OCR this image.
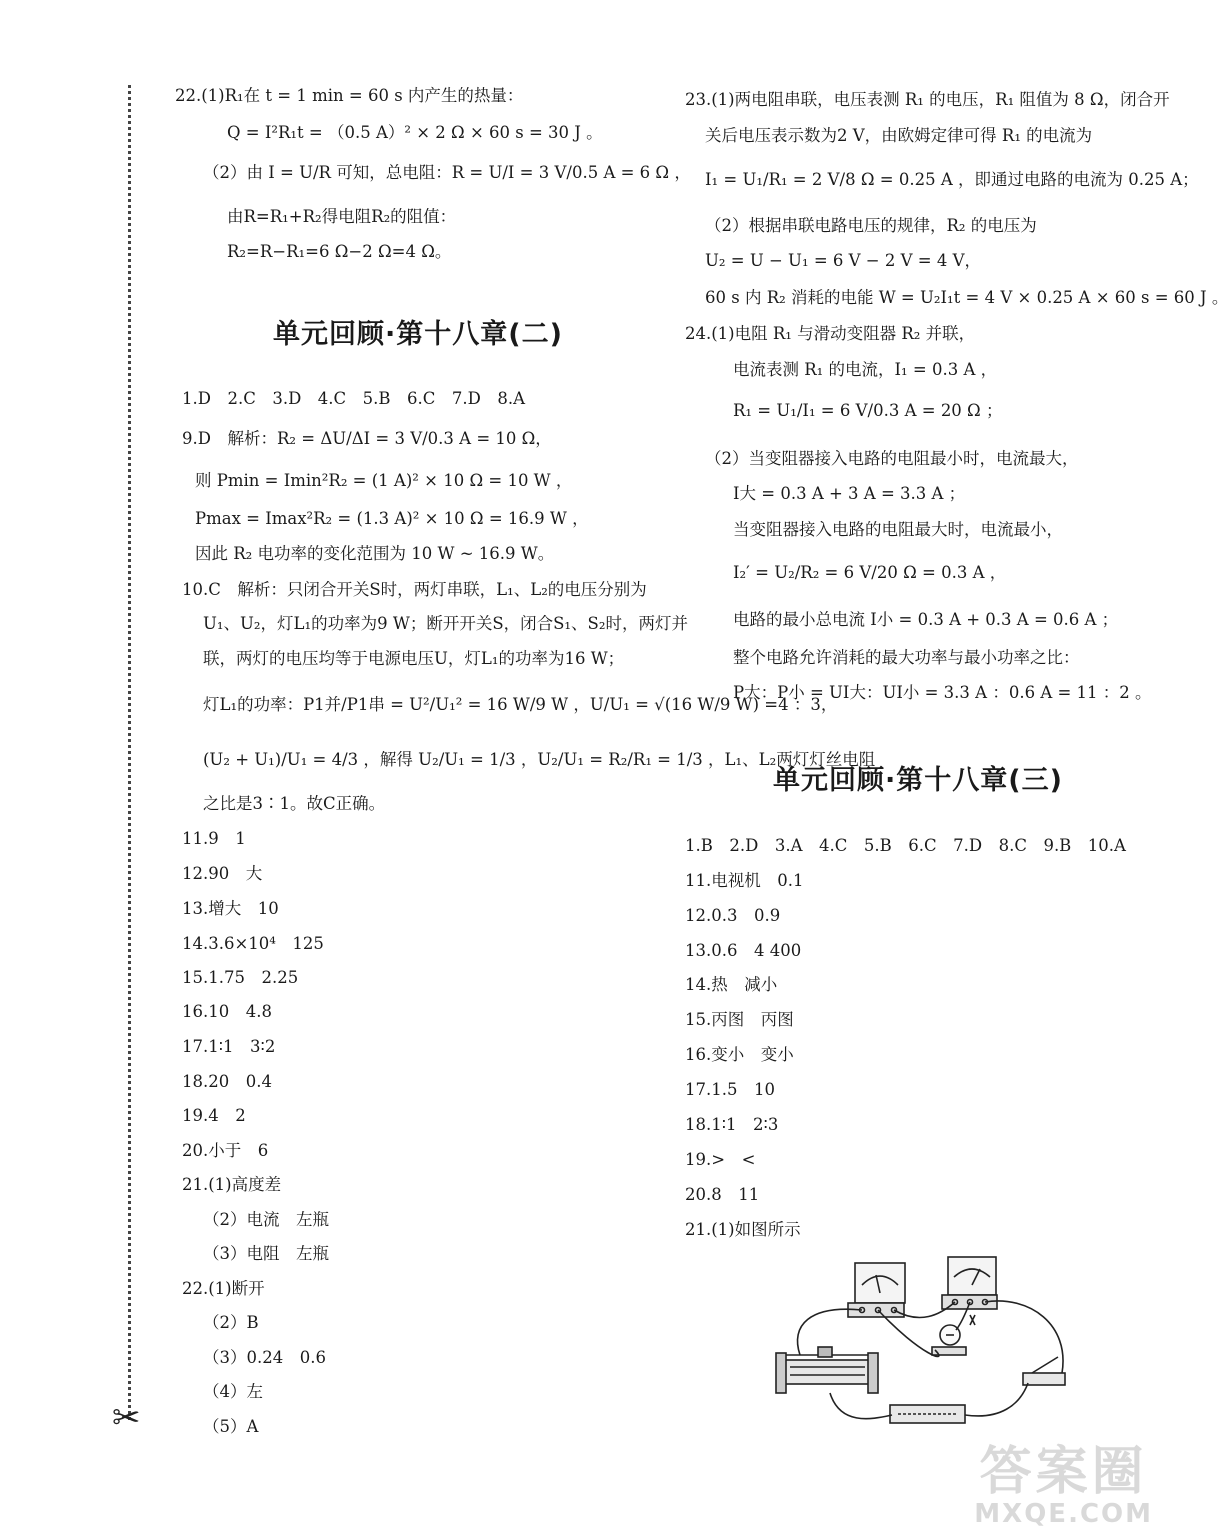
✂
22.(1)R₁在 t = 1 min = 60 s 内产生的热量：
Q = I²R₁t = （0.5 A）² × 2 Ω × 60 s = 30 J 。
（2）由 I = U/R 可知，总电阻：R = U/I = 3 V/0.5 A = 6 Ω ，
由R=R₁+R₂得电阻R₂的阻值：
R₂=R−R₁=6 Ω−2 Ω=4 Ω。
单元回顾·第十八章(二)
1.D　2.C　3.D　4.C　5.B　6.C　7.D　8.A
9.D　解析：R₂ = ΔU/ΔI = 3 V/0.3 A = 10 Ω，
则 Pmin = Imin²R₂ = (1 A)² × 10 Ω = 10 W ，
Pmax = Imax²R₂ = (1.3 A)² × 10 Ω = 16.9 W ，
因此 R₂ 电功率的变化范围为 10 W ~ 16.9 W。
10.C　解析：只闭合开关S时，两灯串联，L₁、L₂的电压分别为
U₁、U₂，灯L₁的功率为9 W；断开开关S，闭合S₁、S₂时，两灯并
联，两灯的电压均等于电源电压U，灯L₁的功率为16 W；
灯L₁的功率：P1并/P1串 = U²/U₁² = 16 W/9 W ，U/U₁ = √(16 W/9 W) =4 ：3，
(U₂ + U₁)/U₁ = 4/3 ，解得 U₂/U₁ = 1/3 ，U₂/U₁ = R₂/R₁ = 1/3 ，L₁、L₂两灯灯丝电阻
之比是3∶1。故C正确。
11.9　1
12.90　大
13.增大　10
14.3.6×10⁴　125
15.1.75　2.25
16.10　4.8
17.1∶1　3∶2
18.20　0.4
19.4　2
20.小于　6
21.(1)高度差
（2）电流　左瓶
（3）电阻　左瓶
22.(1)断开
（2）B
（3）0.24　0.6
（4）左
（5）A
23.(1)两电阻串联，电压表测 R₁ 的电压，R₁ 阻值为 8 Ω，闭合开
关后电压表示数为2 V，由欧姆定律可得 R₁ 的电流为
I₁ = U₁/R₁ = 2 V/8 Ω = 0.25 A ，即通过电路的电流为 0.25 A；
（2）根据串联电路电压的规律，R₂ 的电压为
U₂ = U − U₁ = 6 V − 2 V = 4 V，
60 s 内 R₂ 消耗的电能 W = U₂I₁t = 4 V × 0.25 A × 60 s = 60 J 。
24.(1)电阻 R₁ 与滑动变阻器 R₂ 并联，
电流表测 R₁ 的电流，I₁ = 0.3 A ，
R₁ = U₁/I₁ = 6 V/0.3 A = 20 Ω ；
（2）当变阻器接入电路的电阻最小时，电流最大，
I大 = 0.3 A + 3 A = 3.3 A ；
当变阻器接入电路的电阻最大时，电流最小，
I₂′ = U₂/R₂ = 6 V/20 Ω = 0.3 A ，
电路的最小总电流 I小 = 0.3 A + 0.3 A = 0.6 A ；
整个电路允许消耗的最大功率与最小功率之比：
P大：P小 = UI大：UI小 = 3.3 A ：0.6 A = 11 ：2 。
单元回顾·第十八章(三)
1.B　2.D　3.A　4.C　5.B　6.C　7.D　8.C　9.B　10.A
11.电视机　0.1
12.0.3　0.9
13.0.6　4 400
14.热　减小
15.丙图　丙图
16.变小　变小
17.1.5　10
18.1∶1　2∶3
19.>　<
20.8　11
21.(1)如图所示
答案圈
MXQE.COM
